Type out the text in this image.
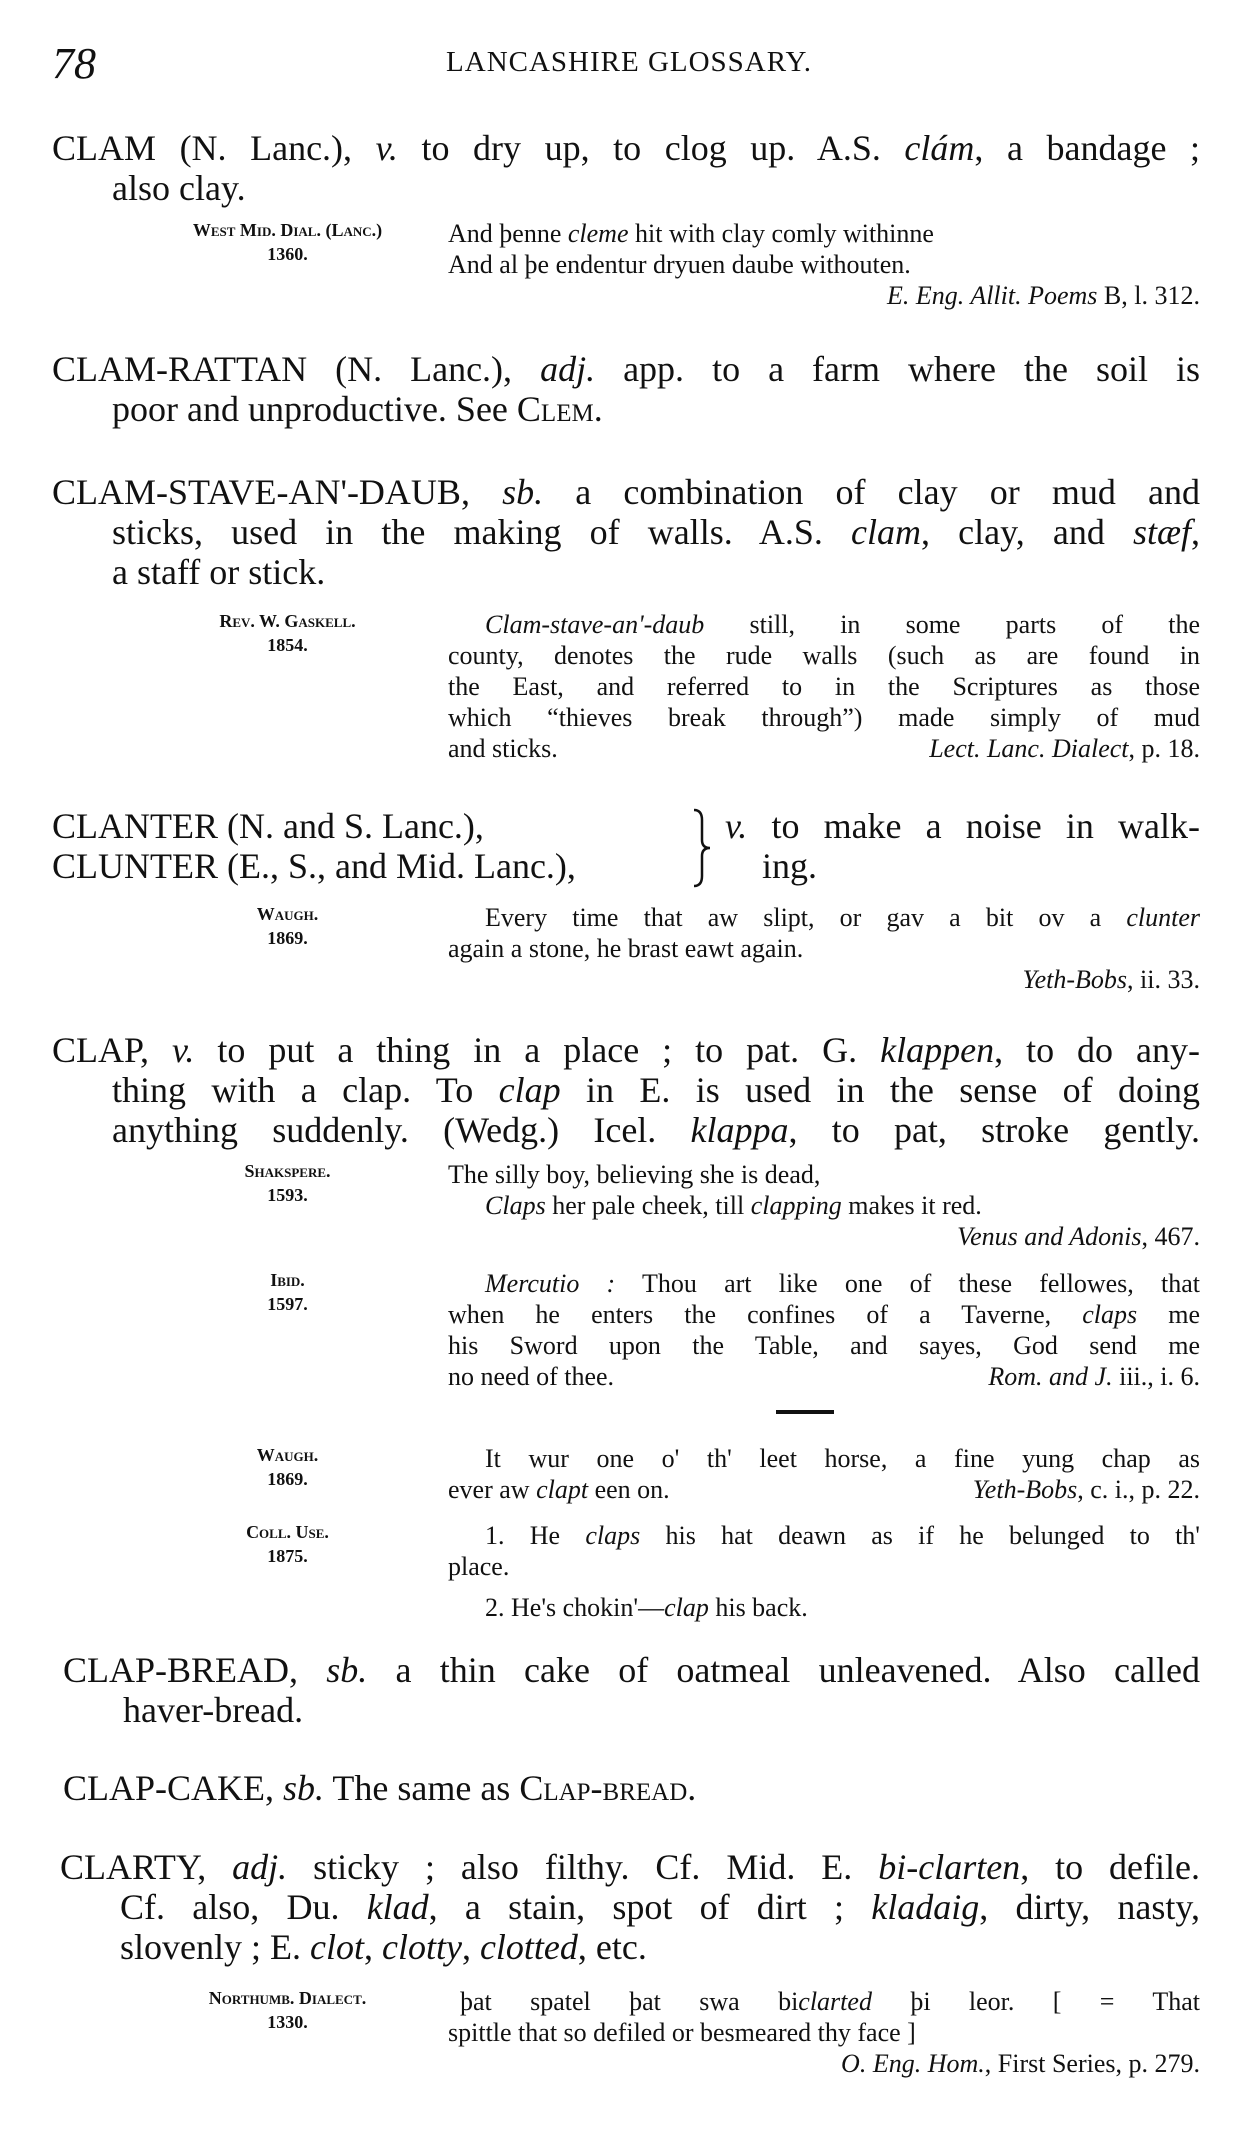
78	LANCASHIRE GLOSSARY.
CLAM (N. Lanc.), v. to dry up, to clog up. A.S. clám, a bandage ;
also clay.
West Mid. Dial. (Lanc.)
1360.
And þenne cleme hit with clay comly withinne
And al þe endentur dryuen daube withouten.
E. Eng. Allit. Poems B, l. 312.
CLAM-RATTAN (N. Lanc.), adj. app. to a farm where the soil is
poor and unproductive. See Clem.
CLAM-STAVE-AN'-DAUB, sb. a combination of clay or mud and
sticks, used in the making of walls. A.S. clam, clay, and stæf,
a staff or stick.
Rev. W. Gaskell.
1854.
Clam-stave-an'-daub still, in some parts of the
county, denotes the rude walls (such as are found in
the East, and referred to in the Scriptures as those
which “thieves break through”) made simply of mud
and sticks.	Lect. Lanc. Dialect, p. 18.
CLANTER (N. and S. Lanc.),
CLUNTER (E., S., and Mid. Lanc.),
v. to make a noise in walk-
ing.
Waugh.
1869.
Every time that aw slipt, or gav a bit ov a clunter
again a stone, he brast eawt again.
Yeth-Bobs, ii. 33.
CLAP, v. to put a thing in a place ; to pat. G. klappen, to do any-
thing with a clap. To clap in E. is used in the sense of doing
anything suddenly. (Wedg.) Icel. klappa, to pat, stroke gently.
Shakspere.
1593.
The silly boy, believing she is dead,
Claps her pale cheek, till clapping makes it red.
Venus and Adonis, 467.
Ibid.
1597.
Mercutio : Thou art like one of these fellowes, that
when he enters the confines of a Taverne, claps me
his Sword upon the Table, and sayes, God send me
no need of thee.	Rom. and J. iii., i. 6.
Waugh.
1869.
It wur one o' th' leet horse, a fine yung chap as
ever aw clapt een on.	Yeth-Bobs, c. i., p. 22.
Coll. Use.
1875.
1. He claps his hat deawn as if he belunged to th'
place.
2. He's chokin'—clap his back.
CLAP-BREAD, sb. a thin cake of oatmeal unleavened. Also called
haver-bread.
CLAP-CAKE, sb. The same as Clap-bread.
CLARTY, adj. sticky ; also filthy. Cf. Mid. E. bi-clarten, to defile.
Cf. also, Du. klad, a stain, spot of dirt ; kladaig, dirty, nasty,
slovenly ; E. clot, clotty, clotted, etc.
Northumb. Dialect.
1330.
þat spatel þat swa biclarted þi leor. [ = That
spittle that so defiled or besmeared thy face ]
O. Eng. Hom., First Series, p. 279.
